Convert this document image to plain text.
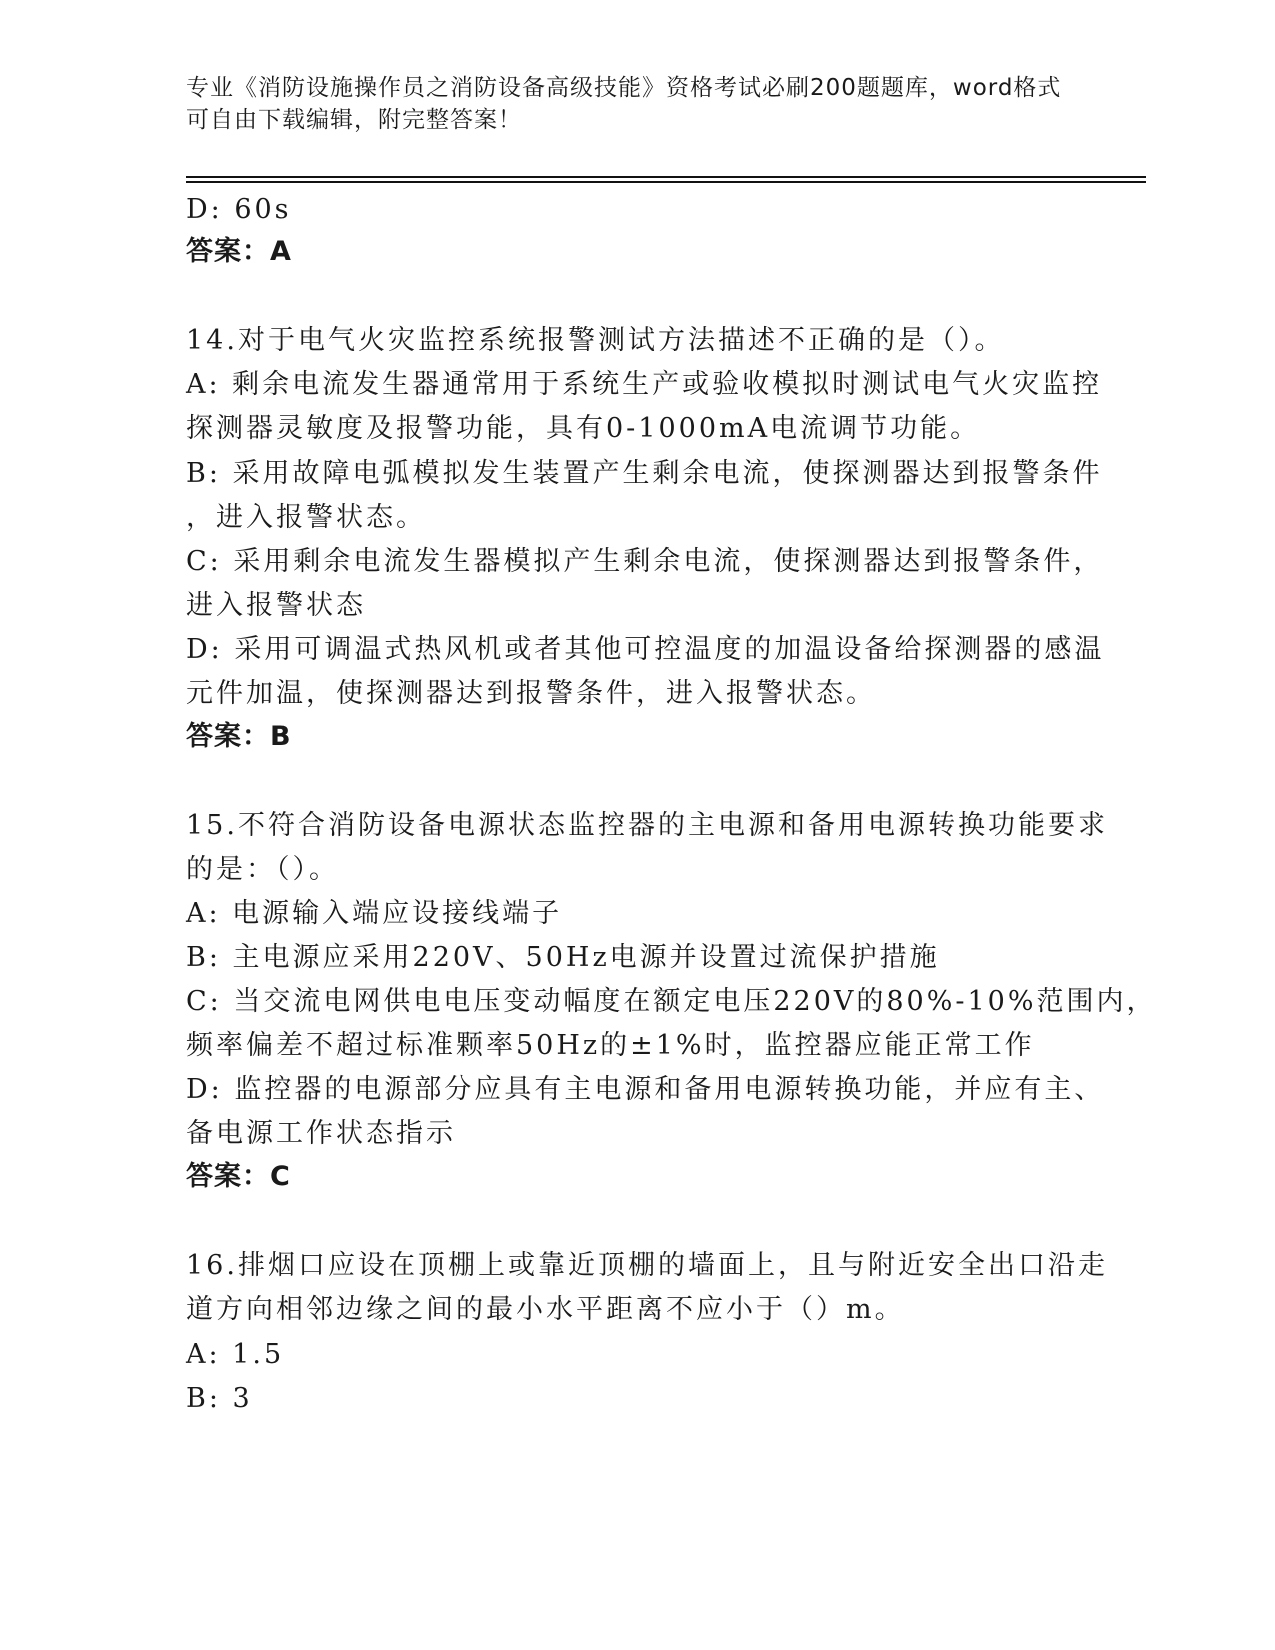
专业《消防设施操作员之消防设备高级技能》资格考试必刷200题题库，word格式可自由下载编辑，附完整答案！
D: 60s
答案：A
14.对于电气火灾监控系统报警测试方法描述不正确的是（）。
A: 剩余电流发生器通常用于系统生产或验收模拟时测试电气火灾监控
探测器灵敏度及报警功能，具有0-1000mA电流调节功能。
B: 采用故障电弧模拟发生装置产生剩余电流，使探测器达到报警条件
，进入报警状态。
C: 采用剩余电流发生器模拟产生剩余电流，使探测器达到报警条件，
进入报警状态
D: 采用可调温式热风机或者其他可控温度的加温设备给探测器的感温
元件加温，使探测器达到报警条件，进入报警状态。
答案：B
15.不符合消防设备电源状态监控器的主电源和备用电源转换功能要求
的是：（）。
A: 电源输入端应设接线端子
B: 主电源应采用220V、50Hz电源并设置过流保护措施
C: 当交流电网供电电压变动幅度在额定电压220V的80%-10%范围内，
频率偏差不超过标准颗率50Hz的±1%时，监控器应能正常工作
D: 监控器的电源部分应具有主电源和备用电源转换功能，并应有主、
备电源工作状态指示
答案：C
16.排烟口应设在顶棚上或靠近顶棚的墙面上，且与附近安全出口沿走
道方向相邻边缘之间的最小水平距离不应小于（）m。
A: 1.5
B: 3
